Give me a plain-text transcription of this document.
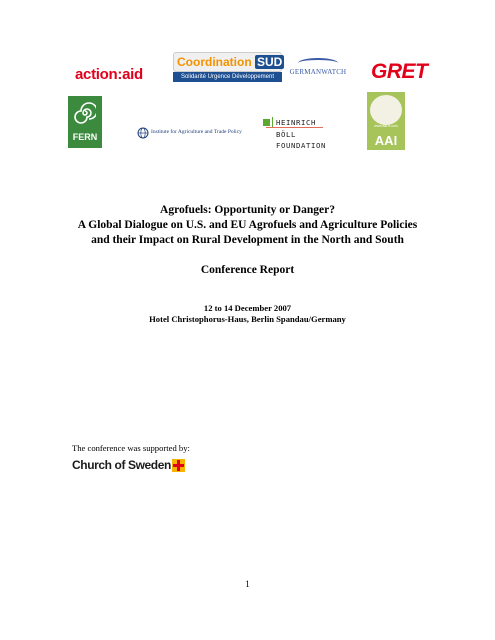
action:aid
Coordination SUD
Solidarité Urgence Développement
GERMANWATCH GRET
FERN	Institute for Agriculture and Trade Policy
HEINRICH
BÖLL
FOUNDATION
www.aai-tt.com
AAI
Agrofuels: Opportunity or Danger?
A Global Dialogue on U.S. and EU Agrofuels and Agriculture Policies
and their Impact on Rural Development in the North and South
Conference Report
12 to 14 December 2007
Hotel Christophorus-Haus, Berlin Spandau/Germany
The conference was supported by:
Church of Sweden
1
